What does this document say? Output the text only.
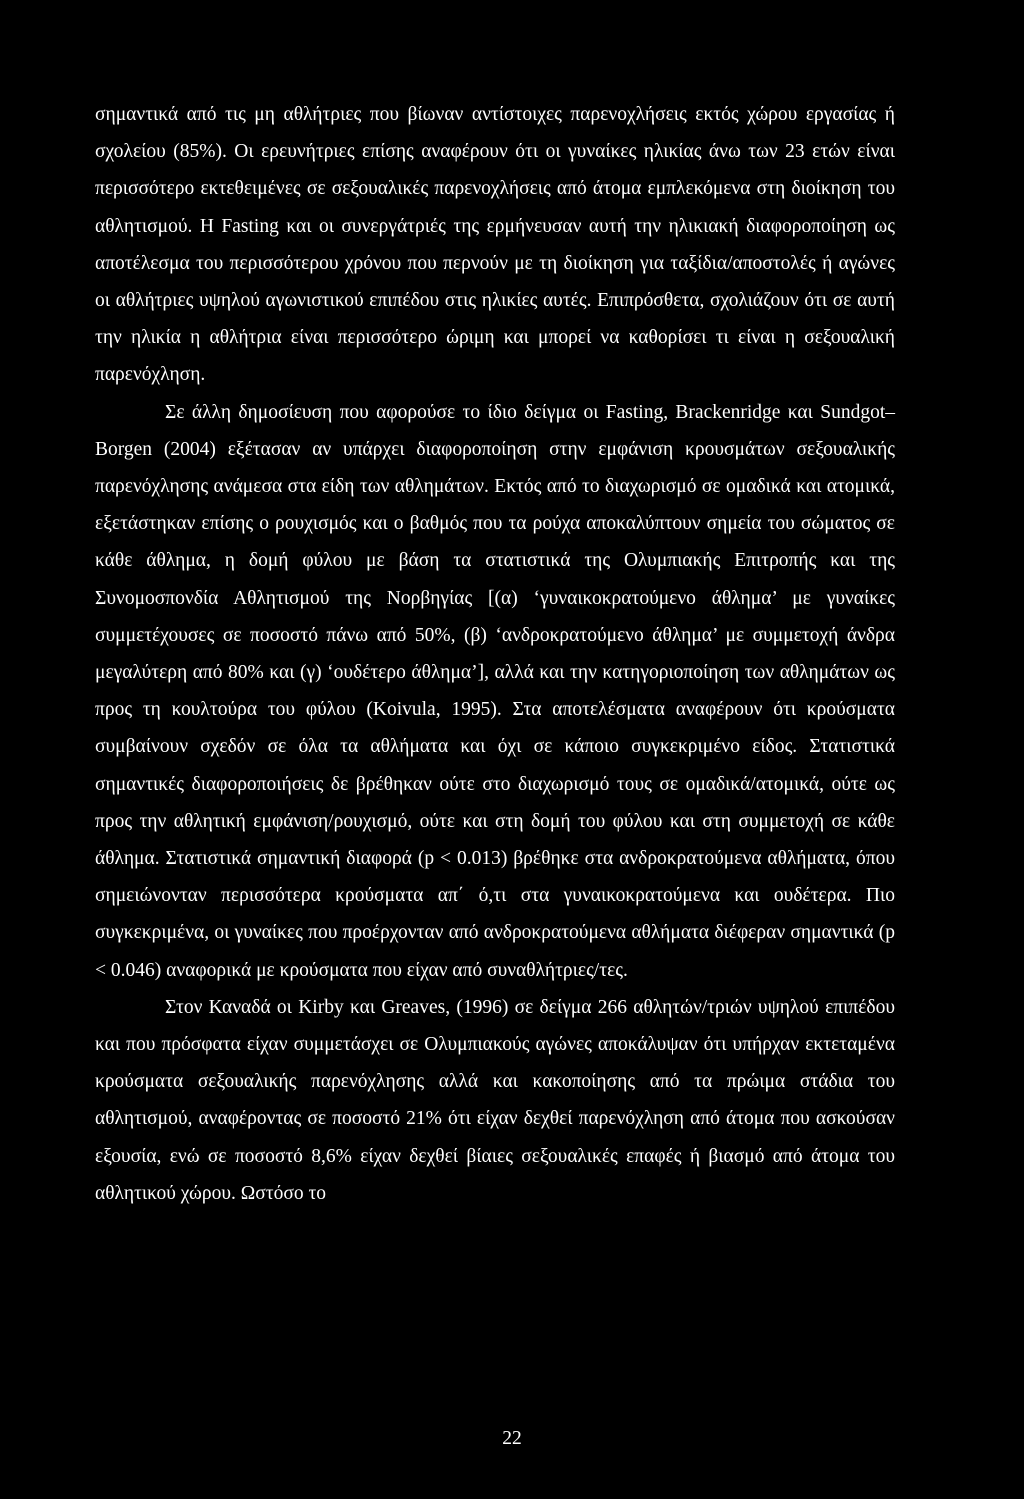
σημαντικά από τις μη αθλήτριες που βίωναν αντίστοιχες παρενοχλήσεις εκτός χώρου εργασίας ή σχολείου (85%). Οι ερευνήτριες επίσης αναφέρουν ότι οι γυναίκες ηλικίας άνω των 23 ετών είναι περισσότερο εκτεθειμένες σε σεξουαλικές παρενοχλήσεις από άτομα εμπλεκόμενα στη διοίκηση του αθλητισμού. Η Fasting και οι συνεργάτριές της ερμήνευσαν αυτή την ηλικιακή διαφοροποίηση ως αποτέλεσμα του περισσότερου χρόνου που περνούν με τη διοίκηση για ταξίδια/αποστολές ή αγώνες οι αθλήτριες υψηλού αγωνιστικού επιπέδου στις ηλικίες αυτές. Επιπρόσθετα, σχολιάζουν ότι σε αυτή την ηλικία η αθλήτρια είναι περισσότερο ώριμη και μπορεί να καθορίσει τι είναι η σεξουαλική παρενόχληση.

Σε άλλη δημοσίευση που αφορούσε το ίδιο δείγμα οι Fasting, Brackenridge και Sundgot–Borgen (2004) εξέτασαν αν υπάρχει διαφοροποίηση στην εμφάνιση κρουσμάτων σεξουαλικής παρενόχλησης ανάμεσα στα είδη των αθλημάτων. Εκτός από το διαχωρισμό σε ομαδικά και ατομικά, εξετάστηκαν επίσης ο ρουχισμός και ο βαθμός που τα ρούχα αποκαλύπτουν σημεία του σώματος σε κάθε άθλημα, η δομή φύλου με βάση τα στατιστικά της Ολυμπιακής Επιτροπής και της Συνομοσπονδία Αθλητισμού της Νορβηγίας [(α) ‘γυναικοκρατούμενο άθλημα’ με γυναίκες συμμετέχουσες σε ποσοστό πάνω από 50%, (β) ‘ανδροκρατούμενο άθλημα’ με συμμετοχή άνδρα μεγαλύτερη από 80% και (γ) ‘ουδέτερο άθλημα’], αλλά και την κατηγοριοποίηση των αθλημάτων ως προς τη κουλτούρα του φύλου (Koivula, 1995). Στα αποτελέσματα αναφέρουν ότι κρούσματα συμβαίνουν σχεδόν σε όλα τα αθλήματα και όχι σε κάποιο συγκεκριμένο είδος. Στατιστικά σημαντικές διαφοροποιήσεις δε βρέθηκαν ούτε στο διαχωρισμό τους σε ομαδικά/ατομικά, ούτε ως προς την αθλητική εμφάνιση/ρουχισμό, ούτε και στη δομή του φύλου και στη συμμετοχή σε κάθε άθλημα. Στατιστικά σημαντική διαφορά (p < 0.013) βρέθηκε στα ανδροκρατούμενα αθλήματα, όπου σημειώνονταν περισσότερα κρούσματα απ΄ ό,τι στα γυναικοκρατούμενα και ουδέτερα. Πιο συγκεκριμένα, οι γυναίκες που προέρχονταν από ανδροκρατούμενα αθλήματα διέφεραν σημαντικά (p < 0.046) αναφορικά με κρούσματα που είχαν από συναθλήτριες/τες.

Στον Καναδά οι Kirby και Greaves, (1996) σε δείγμα 266 αθλητών/τριών υψηλού επιπέδου και που πρόσφατα είχαν συμμετάσχει σε Ολυμπιακούς αγώνες αποκάλυψαν ότι υπήρχαν εκτεταμένα κρούσματα σεξουαλικής παρενόχλησης αλλά και κακοποίησης από τα πρώιμα στάδια του αθλητισμού, αναφέροντας σε ποσοστό 21% ότι είχαν δεχθεί παρενόχληση από άτομα που ασκούσαν εξουσία, ενώ σε ποσοστό 8,6% είχαν δεχθεί βίαιες σεξουαλικές επαφές ή βιασμό από άτομα του αθλητικού χώρου. Ωστόσο το

22
